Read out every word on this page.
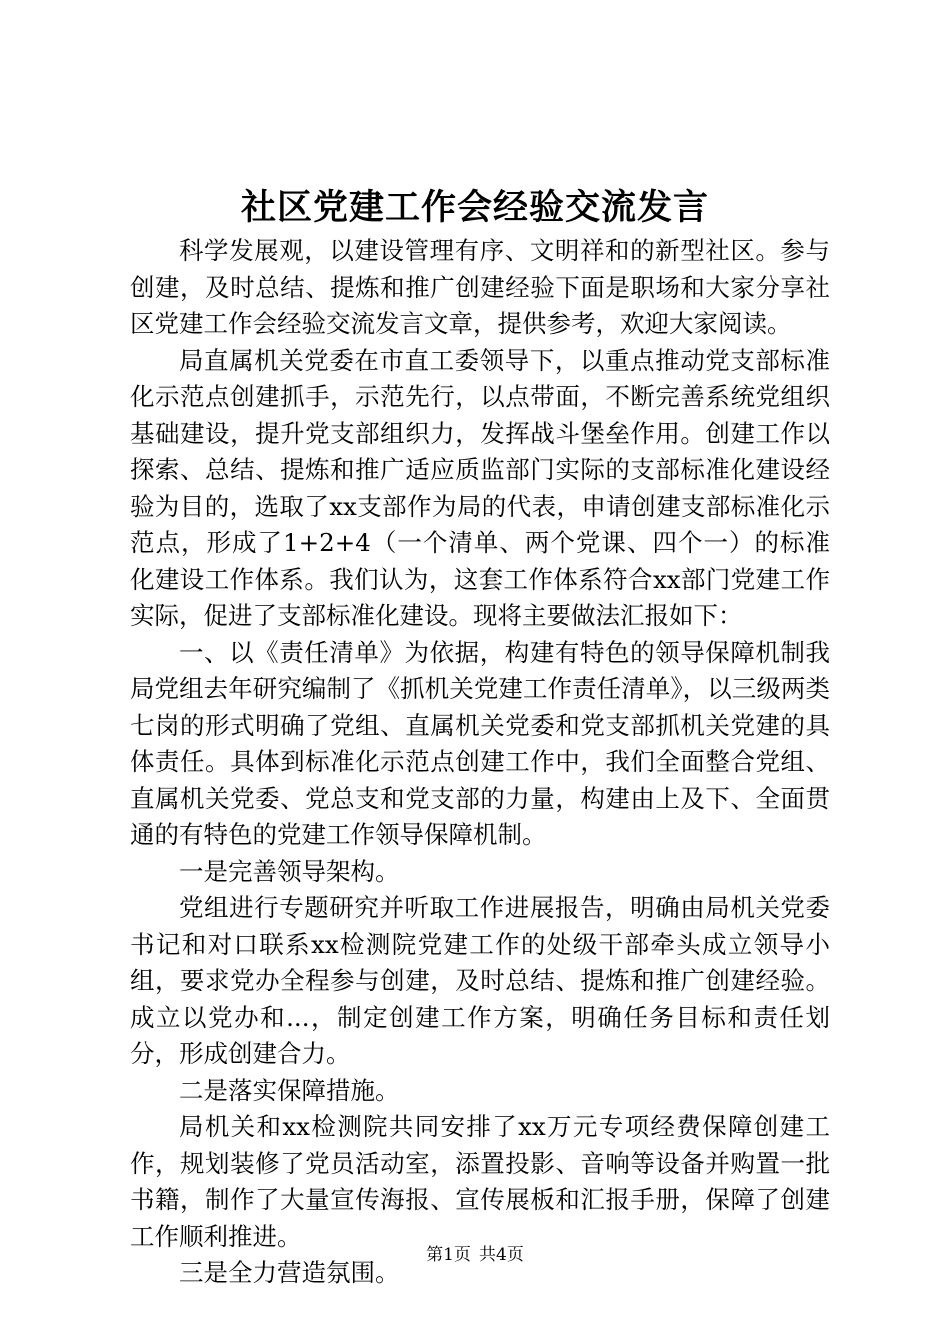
社区党建工作会经验交流发言

科学发展观，以建设管理有序、文明祥和的新型社区。参与创建，及时总结、提炼和推广创建经验下面是职场和大家分享社区党建工作会经验交流发言文章，提供参考，欢迎大家阅读。

局直属机关党委在市直工委领导下，以重点推动党支部标准化示范点创建抓手，示范先行，以点带面，不断完善系统党组织基础建设，提升党支部组织力，发挥战斗堡垒作用。创建工作以探索、总结、提炼和推广适应质监部门实际的支部标准化建设经验为目的，选取了xx支部作为局的代表，申请创建支部标准化示范点，形成了1+2+4（一个清单、两个党课、四个一）的标准化建设工作体系。我们认为，这套工作体系符合xx部门党建工作实际，促进了支部标准化建设。现将主要做法汇报如下：

一、以《责任清单》为依据，构建有特色的领导保障机制我局党组去年研究编制了《抓机关党建工作责任清单》，以三级两类七岗的形式明确了党组、直属机关党委和党支部抓机关党建的具体责任。具体到标准化示范点创建工作中，我们全面整合党组、直属机关党委、党总支和党支部的力量，构建由上及下、全面贯通的有特色的党建工作领导保障机制。

一是完善领导架构。

党组进行专题研究并听取工作进展报告，明确由局机关党委书记和对口联系xx检测院党建工作的处级干部牵头成立领导小组，要求党办全程参与创建，及时总结、提炼和推广创建经验。成立以党办和...，制定创建工作方案，明确任务目标和责任划分，形成创建合力。

二是落实保障措施。

局机关和xx检测院共同安排了xx万元专项经费保障创建工作，规划装修了党员活动室，添置投影、音响等设备并购置一批书籍，制作了大量宣传海报、宣传展板和汇报手册，保障了创建工作顺利推进。

三是全力营造氛围。

第1页 共4页
